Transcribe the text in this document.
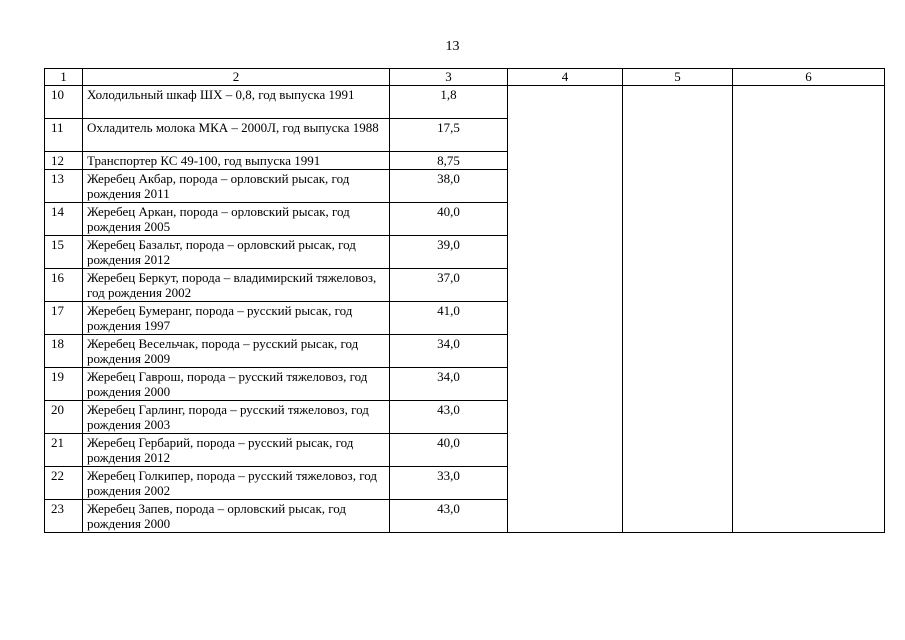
13
1	2	3	4	5	6
10	Холодильный шкаф ШХ – 0,8, год выпуска 1991	1,8			
11	Охладитель молока МКА – 2000Л, год выпуска 1988	17,5			
12	Транспортер КС 49-100, год выпуска 1991	8,75			
13	Жеребец Акбар, порода – орловский рысак, год рождения 2011	38,0			
14	Жеребец Аркан, порода – орловский рысак, год рождения 2005	40,0			
15	Жеребец Базальт, порода – орловский рысак, год рождения 2012	39,0			
16	Жеребец Беркут, порода – владимирский тяжеловоз, год рождения 2002	37,0			
17	Жеребец Бумеранг, порода – русский рысак, год рождения 1997	41,0			
18	Жеребец Весельчак, порода – русский рысак, год рождения 2009	34,0			
19	Жеребец Гаврош, порода – русский тяжеловоз, год рождения 2000	34,0			
20	Жеребец Гарлинг, порода – русский тяжеловоз, год рождения 2003	43,0			
21	Жеребец Гербарий, порода – русский рысак, год рождения 2012	40,0			
22	Жеребец Голкипер, порода – русский тяжеловоз, год рождения 2002	33,0			
23	Жеребец Запев, порода – орловский рысак, год рождения 2000	43,0			
